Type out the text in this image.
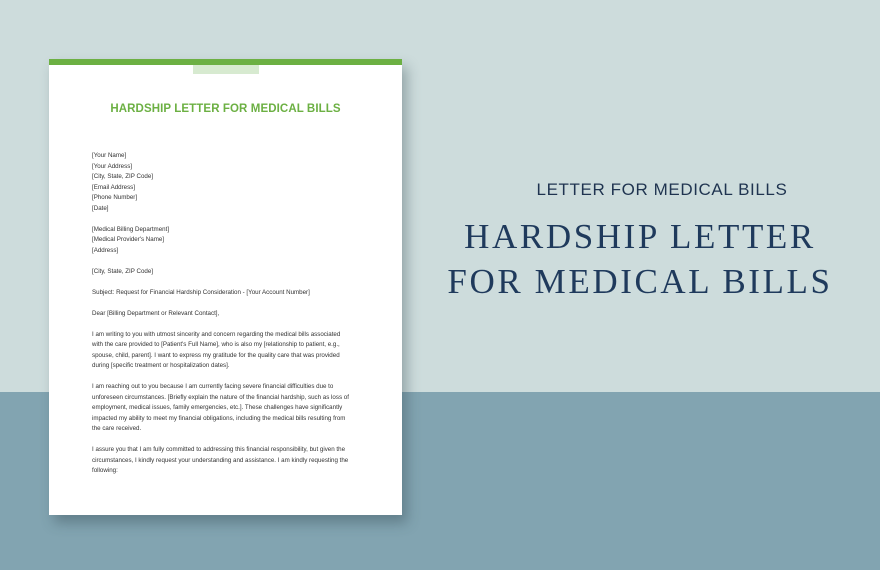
HARDSHIP LETTER FOR MEDICAL BILLS
[Your Name]
[Your Address]
[City, State, ZIP Code]
[Email Address]
[Phone Number]
[Date]
[Medical Billing Department]
[Medical Provider's Name]
[Address]
[City, State, ZIP Code]
Subject: Request for Financial Hardship Consideration - [Your Account Number]
Dear [Billing Department or Relevant Contact],
I am writing to you with utmost sincerity and concern regarding the medical bills associated
with the care provided to [Patient's Full Name], who is also my [relationship to patient, e.g.,
spouse, child, parent]. I want to express my gratitude for the quality care that was provided
during [specific treatment or hospitalization dates].
I am reaching out to you because I am currently facing severe financial difficulties due to
unforeseen circumstances. [Briefly explain the nature of the financial hardship, such as loss of
employment, medical issues, family emergencies, etc.]. These challenges have significantly
impacted my ability to meet my financial obligations, including the medical bills resulting from
the care received.
I assure you that I am fully committed to addressing this financial responsibility, but given the
circumstances, I kindly request your understanding and assistance. I am kindly requesting the
following:
LETTER FOR MEDICAL BILLS
HARDSHIP LETTER
FOR MEDICAL BILLS
